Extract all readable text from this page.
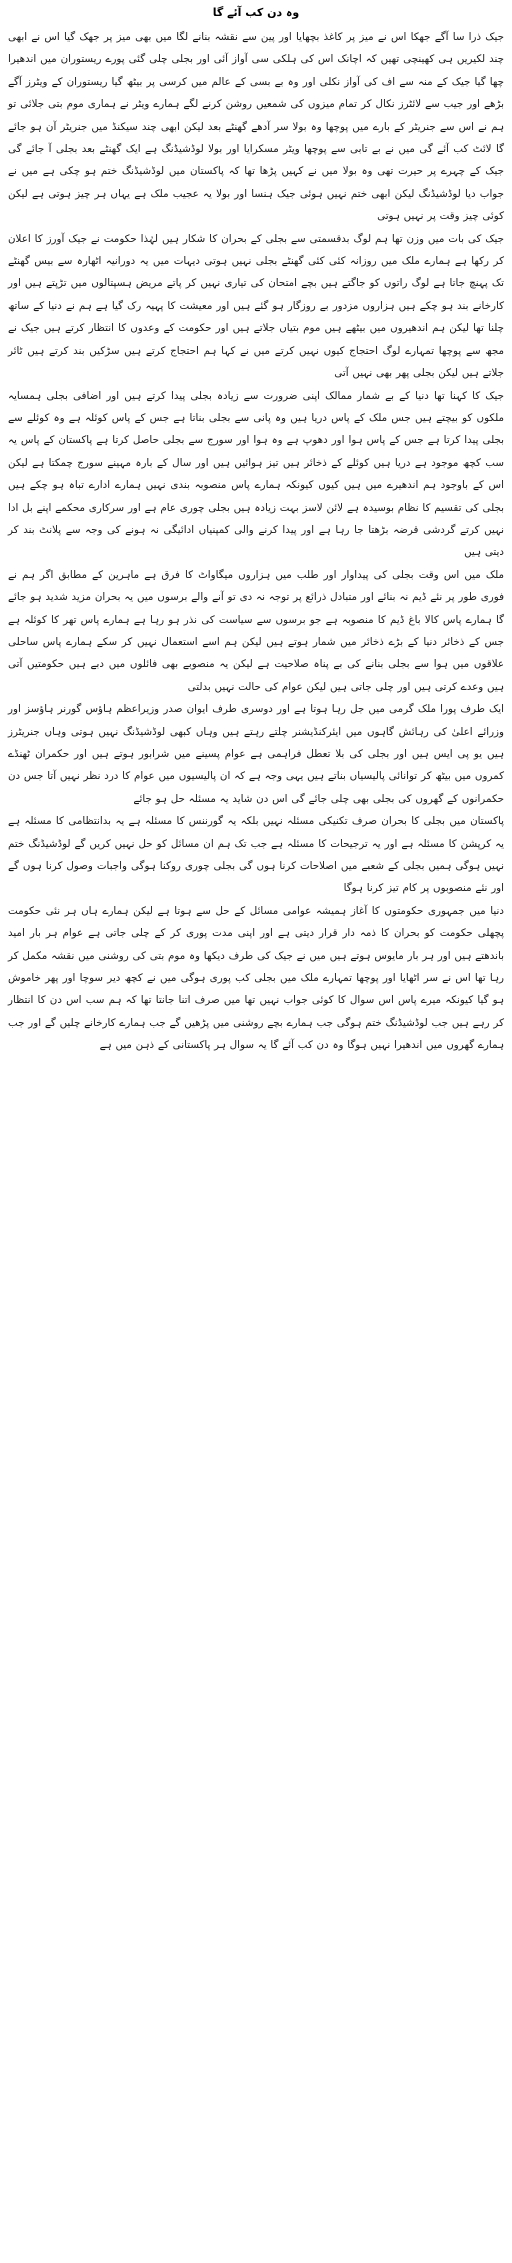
وہ دن کب آئے گا

جیک ذرا سا آگے جھکا اس نے میز پر کاغذ بچھایا اور پین سے نقشہ بنانے لگا میں بھی میز پر جھک گیا اس نے ابھی چند لکیریں ہی کھینچی تھیں کہ اچانک اس کی ہلکی سی آواز آئی اور بجلی چلی گئی پورے ریستوران میں اندھیرا چھا گیا جیک کے منہ سے اف کی آواز نکلی اور وہ بے بسی کے عالم میں کرسی پر بیٹھ گیا ریستوران کے ویٹرز آگے بڑھے اور جیب سے لائٹرز نکال کر تمام میزوں کی شمعیں روشن کرنے لگے ہمارے ویٹر نے ہماری موم بتی جلائی تو ہم نے اس سے جنریٹر کے بارے میں پوچھا وہ بولا سر آدھے گھنٹے بعد لیکن ابھی چند سیکنڈ میں جنریٹر آن ہو جائے گا لائٹ کب آئے گی میں نے بے تابی سے پوچھا ویٹر مسکرایا اور بولا لوڈشیڈنگ ہے ایک گھنٹے بعد بجلی آ جائے گی جیک کے چہرے پر حیرت تھی وہ بولا میں نے کہیں پڑھا تھا کہ پاکستان میں لوڈشیڈنگ ختم ہو چکی ہے میں نے جواب دیا لوڈشیڈنگ لیکن ابھی ختم نہیں ہوئی جیک ہنسا اور بولا یہ عجیب ملک ہے یہاں ہر چیز ہوتی ہے لیکن کوئی چیز وقت پر نہیں ہوتی

جیک کی بات میں وزن تھا ہم لوگ بدقسمتی سے بجلی کے بحران کا شکار ہیں لہٰذا حکومت نے جیک آورز کا اعلان کر رکھا ہے ہمارے ملک میں روزانہ کئی کئی گھنٹے بجلی نہیں ہوتی دیہات میں یہ دورانیہ اٹھارہ سے بیس گھنٹے تک پہنچ جاتا ہے لوگ راتوں کو جاگتے ہیں بچے امتحان کی تیاری نہیں کر پاتے مریض ہسپتالوں میں تڑپتے ہیں اور کارخانے بند ہو چکے ہیں ہزاروں مزدور بے روزگار ہو گئے ہیں اور معیشت کا پہیہ رک گیا ہے ہم نے دنیا کے ساتھ چلنا تھا لیکن ہم اندھیروں میں بیٹھے ہیں موم بتیاں جلاتے ہیں اور حکومت کے وعدوں کا انتظار کرتے ہیں جیک نے مجھ سے پوچھا تمہارے لوگ احتجاج کیوں نہیں کرتے میں نے کہا ہم احتجاج کرتے ہیں سڑکیں بند کرتے ہیں ٹائر جلاتے ہیں لیکن بجلی پھر بھی نہیں آتی

جیک کا کہنا تھا دنیا کے بے شمار ممالک اپنی ضرورت سے زیادہ بجلی پیدا کرتے ہیں اور اضافی بجلی ہمسایہ ملکوں کو بیچتے ہیں جس ملک کے پاس دریا ہیں وہ پانی سے بجلی بناتا ہے جس کے پاس کوئلہ ہے وہ کوئلے سے بجلی پیدا کرتا ہے جس کے پاس ہوا اور دھوپ ہے وہ ہوا اور سورج سے بجلی حاصل کرتا ہے پاکستان کے پاس یہ سب کچھ موجود ہے دریا ہیں کوئلے کے ذخائر ہیں تیز ہوائیں ہیں اور سال کے بارہ مہینے سورج چمکتا ہے لیکن اس کے باوجود ہم اندھیرے میں ہیں کیوں کیونکہ ہمارے پاس منصوبہ بندی نہیں ہمارے ادارے تباہ ہو چکے ہیں بجلی کی تقسیم کا نظام بوسیدہ ہے لائن لاسز بہت زیادہ ہیں بجلی چوری عام ہے اور سرکاری محکمے اپنے بل ادا نہیں کرتے گردشی قرضہ بڑھتا جا رہا ہے اور پیدا کرنے والی کمپنیاں ادائیگی نہ ہونے کی وجہ سے پلانٹ بند کر دیتی ہیں

ملک میں اس وقت بجلی کی پیداوار اور طلب میں ہزاروں میگاواٹ کا فرق ہے ماہرین کے مطابق اگر ہم نے فوری طور پر نئے ڈیم نہ بنائے اور متبادل ذرائع پر توجہ نہ دی تو آنے والے برسوں میں یہ بحران مزید شدید ہو جائے گا ہمارے پاس کالا باغ ڈیم کا منصوبہ ہے جو برسوں سے سیاست کی نذر ہو رہا ہے ہمارے پاس تھر کا کوئلہ ہے جس کے ذخائر دنیا کے بڑے ذخائر میں شمار ہوتے ہیں لیکن ہم اسے استعمال نہیں کر سکے ہمارے پاس ساحلی علاقوں میں ہوا سے بجلی بنانے کی بے پناہ صلاحیت ہے لیکن یہ منصوبے بھی فائلوں میں دبے ہیں حکومتیں آتی ہیں وعدے کرتی ہیں اور چلی جاتی ہیں لیکن عوام کی حالت نہیں بدلتی

ایک طرف پورا ملک گرمی میں جل رہا ہوتا ہے اور دوسری طرف ایوان صدر وزیراعظم ہاؤس گورنر ہاؤسز اور وزرائے اعلیٰ کی رہائش گاہوں میں ایئرکنڈیشنر چلتے رہتے ہیں وہاں کبھی لوڈشیڈنگ نہیں ہوتی وہاں جنریٹرز ہیں یو پی ایس ہیں اور بجلی کی بلا تعطل فراہمی ہے عوام پسینے میں شرابور ہوتے ہیں اور حکمران ٹھنڈے کمروں میں بیٹھ کر توانائی پالیسیاں بناتے ہیں یہی وجہ ہے کہ ان پالیسیوں میں عوام کا درد نظر نہیں آتا جس دن حکمرانوں کے گھروں کی بجلی بھی چلی جائے گی اس دن شاید یہ مسئلہ حل ہو جائے

پاکستان میں بجلی کا بحران صرف تکنیکی مسئلہ نہیں بلکہ یہ گورننس کا مسئلہ ہے یہ بدانتظامی کا مسئلہ ہے یہ کرپشن کا مسئلہ ہے اور یہ ترجیحات کا مسئلہ ہے جب تک ہم ان مسائل کو حل نہیں کریں گے لوڈشیڈنگ ختم نہیں ہوگی ہمیں بجلی کے شعبے میں اصلاحات کرنا ہوں گی بجلی چوری روکنا ہوگی واجبات وصول کرنا ہوں گے اور نئے منصوبوں پر کام تیز کرنا ہوگا

دنیا میں جمہوری حکومتوں کا آغاز ہمیشہ عوامی مسائل کے حل سے ہوتا ہے لیکن ہمارے ہاں ہر نئی حکومت پچھلی حکومت کو بحران کا ذمہ دار قرار دیتی ہے اور اپنی مدت پوری کر کے چلی جاتی ہے عوام ہر بار امید باندھتے ہیں اور ہر بار مایوس ہوتے ہیں میں نے جیک کی طرف دیکھا وہ موم بتی کی روشنی میں نقشہ مکمل کر رہا تھا اس نے سر اٹھایا اور پوچھا تمہارے ملک میں بجلی کب پوری ہوگی میں نے کچھ دیر سوچا اور پھر خاموش ہو گیا کیونکہ میرے پاس اس سوال کا کوئی جواب نہیں تھا میں صرف اتنا جانتا تھا کہ ہم سب اس دن کا انتظار کر رہے ہیں جب لوڈشیڈنگ ختم ہوگی جب ہمارے بچے روشنی میں پڑھیں گے جب ہمارے کارخانے چلیں گے اور جب ہمارے گھروں میں اندھیرا نہیں ہوگا وہ دن کب آئے گا یہ سوال ہر پاکستانی کے ذہن میں ہے
